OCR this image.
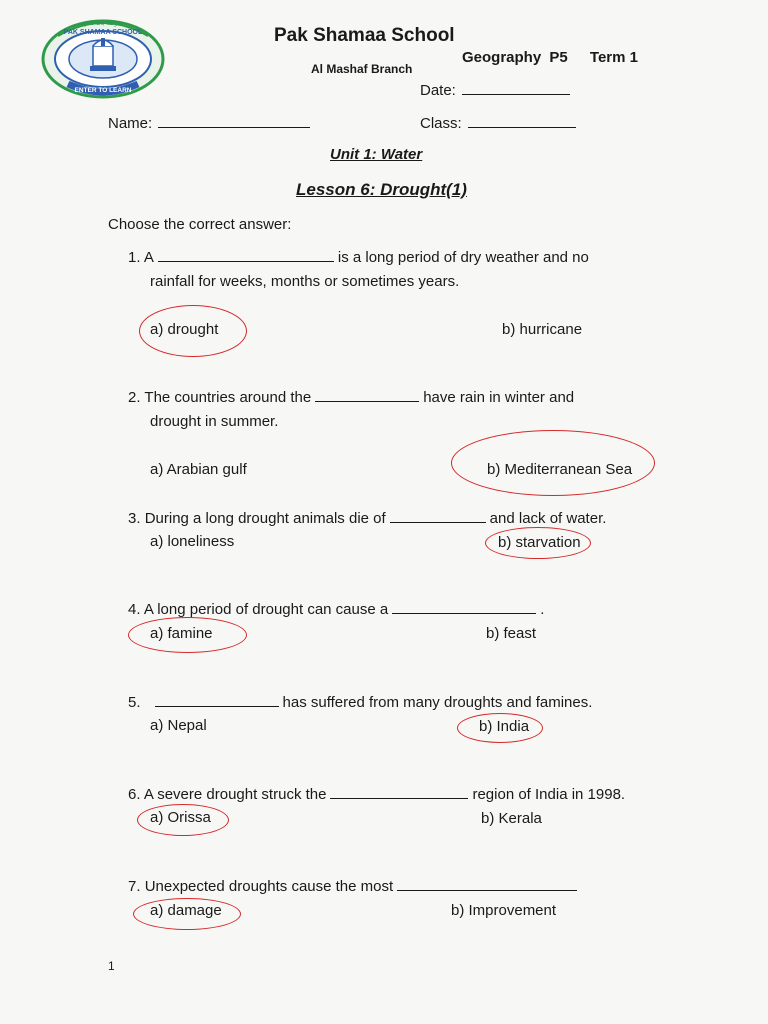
PAK SHAMAA SCHOOL
ENTER TO LEARN
مدرسة باك شمع
Pak Shamaa School
Al Mashaf Branch
Geography P5 Term 1
Date:
Name:	Class:
Unit 1: Water
Lesson 6: Drought(1)
Choose the correct answer:
1. A	is a long period of dry weather and no
rainfall for weeks, months or sometimes years.
a) drought	b) hurricane
2. The countries around the	have rain in winter and
drought in summer.
a) Arabian gulf	b) Mediterranean Sea
3. During a long drought animals die of	and lack of water.
a) loneliness	b) starvation
4. A long period of drought can cause a	.
a) famine	b) feast
5.	has suffered from many droughts and famines.
a) Nepal	b) India
6. A severe drought struck the	region of India in 1998.
a) Orissa	b) Kerala
7. Unexpected droughts cause the most
a) damage	b) Improvement
1
